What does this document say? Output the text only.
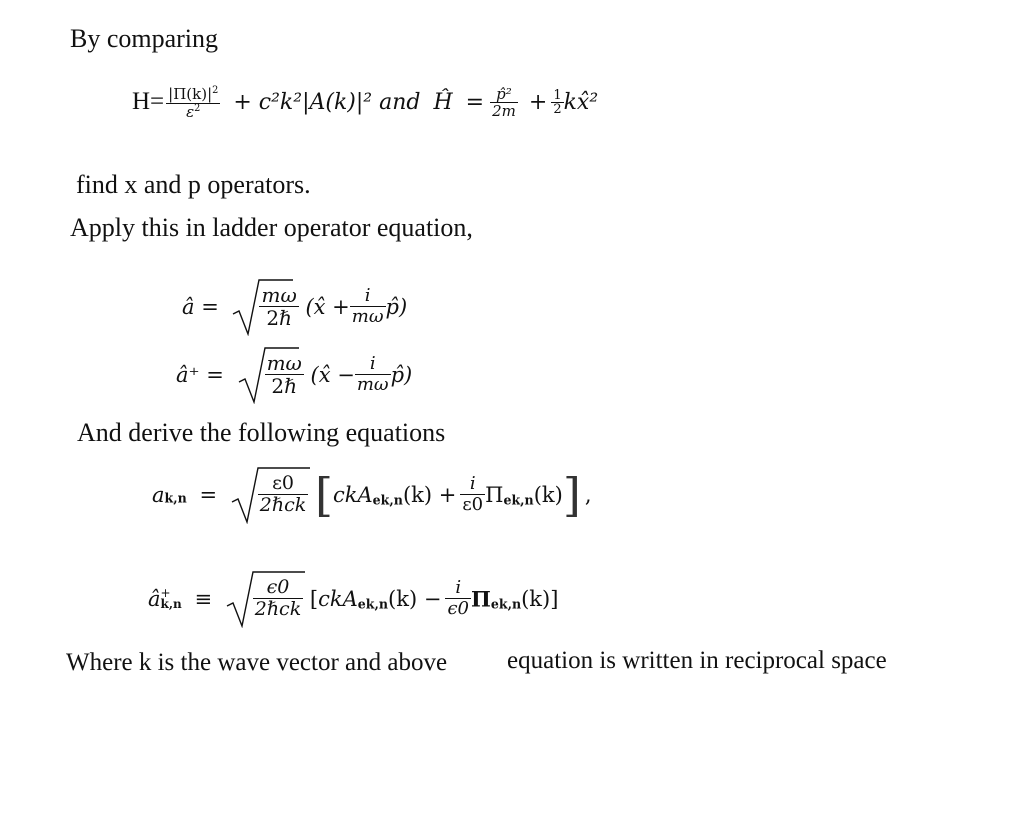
By comparing
$H= \frac{|\Pi(k)|^2}{\varepsilon^2} + c^2k^2|A(k)|^2$ and Ĥ = $\frac{\text{p̂²}}{2m} + \frac{1}{2}$ kx̂²
find x and p operators.
Apply this in ladder operator equation,
â = $\frac{m\omega}{\text{2ℏ}}$ (x̂ + $\frac{i}{m\omega}$ p̂)
â⁺ = $\frac{m\omega}{\text{2ℏ}}$ (x̂ − $\frac{i}{m\omega}$ p̂)
And derive the following equations
$ak,n = \frac{\varepsilon 0}{\text{2ℏck}} [ckA_{ek,n}(k) + \frac{i}{\varepsilon 0} \Pi_{ek,n}(k)]$ ,
â +
$k,n \equiv \frac{\epsilon 0}{\text{2ℏck}} [ckA_{ek,n}(k) - \frac{i}{\epsilon 0} \Pi_{ek,n}(k)]$
Where k is the wave vector and above equation is written in reciprocal space
